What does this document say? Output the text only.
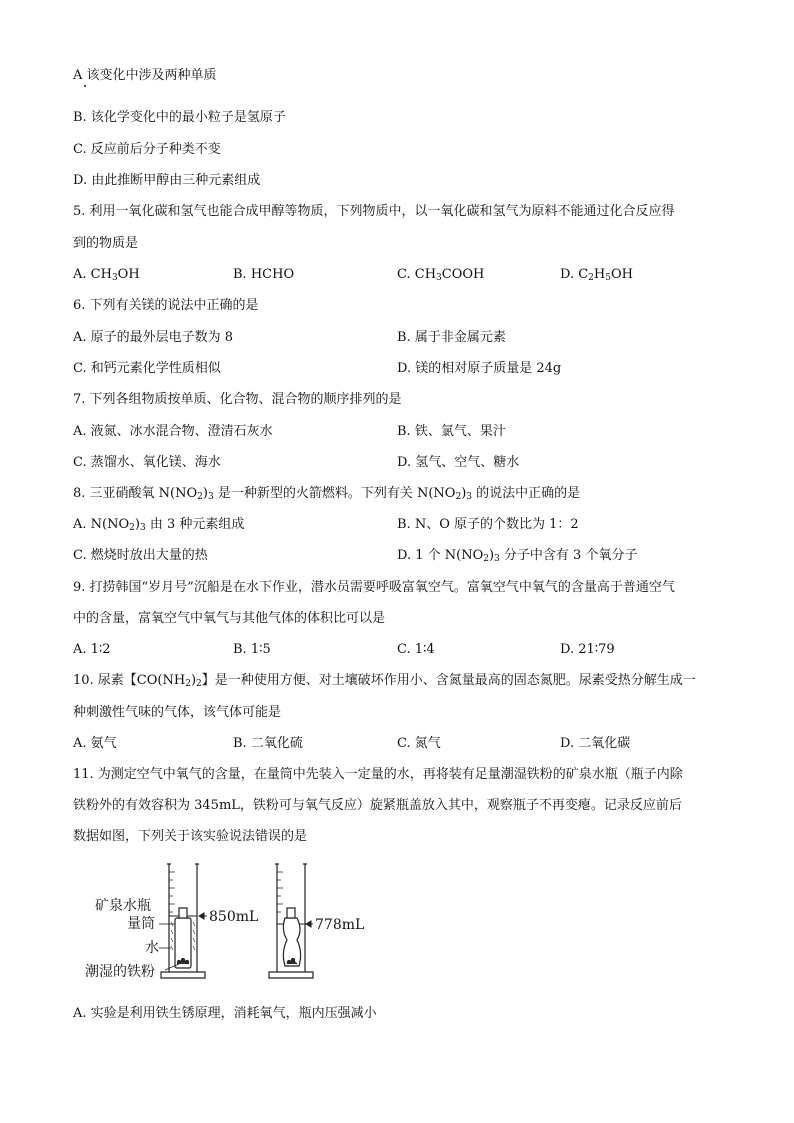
A 该变化中涉及两种单质
B. 该化学变化中的最小粒子是氢原子
C. 反应前后分子种类不变
D. 由此推断甲醇由三种元素组成
5. 利用一氧化碳和氢气也能合成甲醇等物质，下列物质中，以一氧化碳和氢气为原料不能通过化合反应得
到的物质是
A. $CH_3OH$	B. HCHO	C. $CH_3COOH$	D. $C_2H_5OH$
6. 下列有关镁的说法中正确的是
A. 原子的最外层电子数为 8	B. 属于非金属元素
C. 和钙元素化学性质相似	D. 镁的相对原子质量是 24g
7. 下列各组物质按单质、化合物、混合物的顺序排列的是
A. 液氮、冰水混合物、澄清石灰水	B. 铁、氯气、果汁
C. 蒸馏水、氧化镁、海水	D. 氢气、空气、糖水
8. 三亚硝酸氧 $N(NO_2)_3$ 是一种新型的火箭燃料。下列有关 $N(NO_2)_3$ 的说法中正确的是
A. $N(NO_2)_3$ 由 3 种元素组成	B. N、O 原子的个数比为 1：2
C. 燃烧时放出大量的热	D. 1 个 $N(NO_2)_3$ 分子中含有 3 个氧分子
9. 打捞韩国“岁月号”沉船是在水下作业，潜水员需要呼吸富氧空气。富氧空气中氧气的含量高于普通空气
中的含量，富氧空气中氧气与其他气体的体积比可以是
A. 1∶2	B. 1∶5	C. 1∶4	D. 21∶79
10. 尿素【$CO(NH_2)_2$】是一种使用方便、对土壤破坏作用小、含氮量最高的固态氮肥。尿素受热分解生成一
种刺激性气味的气体，该气体可能是
A. 氨气	B. 二氧化硫	C. 氮气	D. 二氧化碳
11. 为测定空气中氧气的含量，在量筒中先装入一定量的水，再将装有足量潮湿铁粉的矿泉水瓶（瓶子内除
铁粉外的有效容积为 345mL，铁粉可与氧气反应）旋紧瓶盖放入其中，观察瓶子不再变瘪。记录反应前后
数据如图，下列关于该实验说法错误的是
850mL
矿泉水瓶
量筒
水
潮湿的铁粉
778mL
A. 实验是利用铁生锈原理，消耗氧气，瓶内压强减小
